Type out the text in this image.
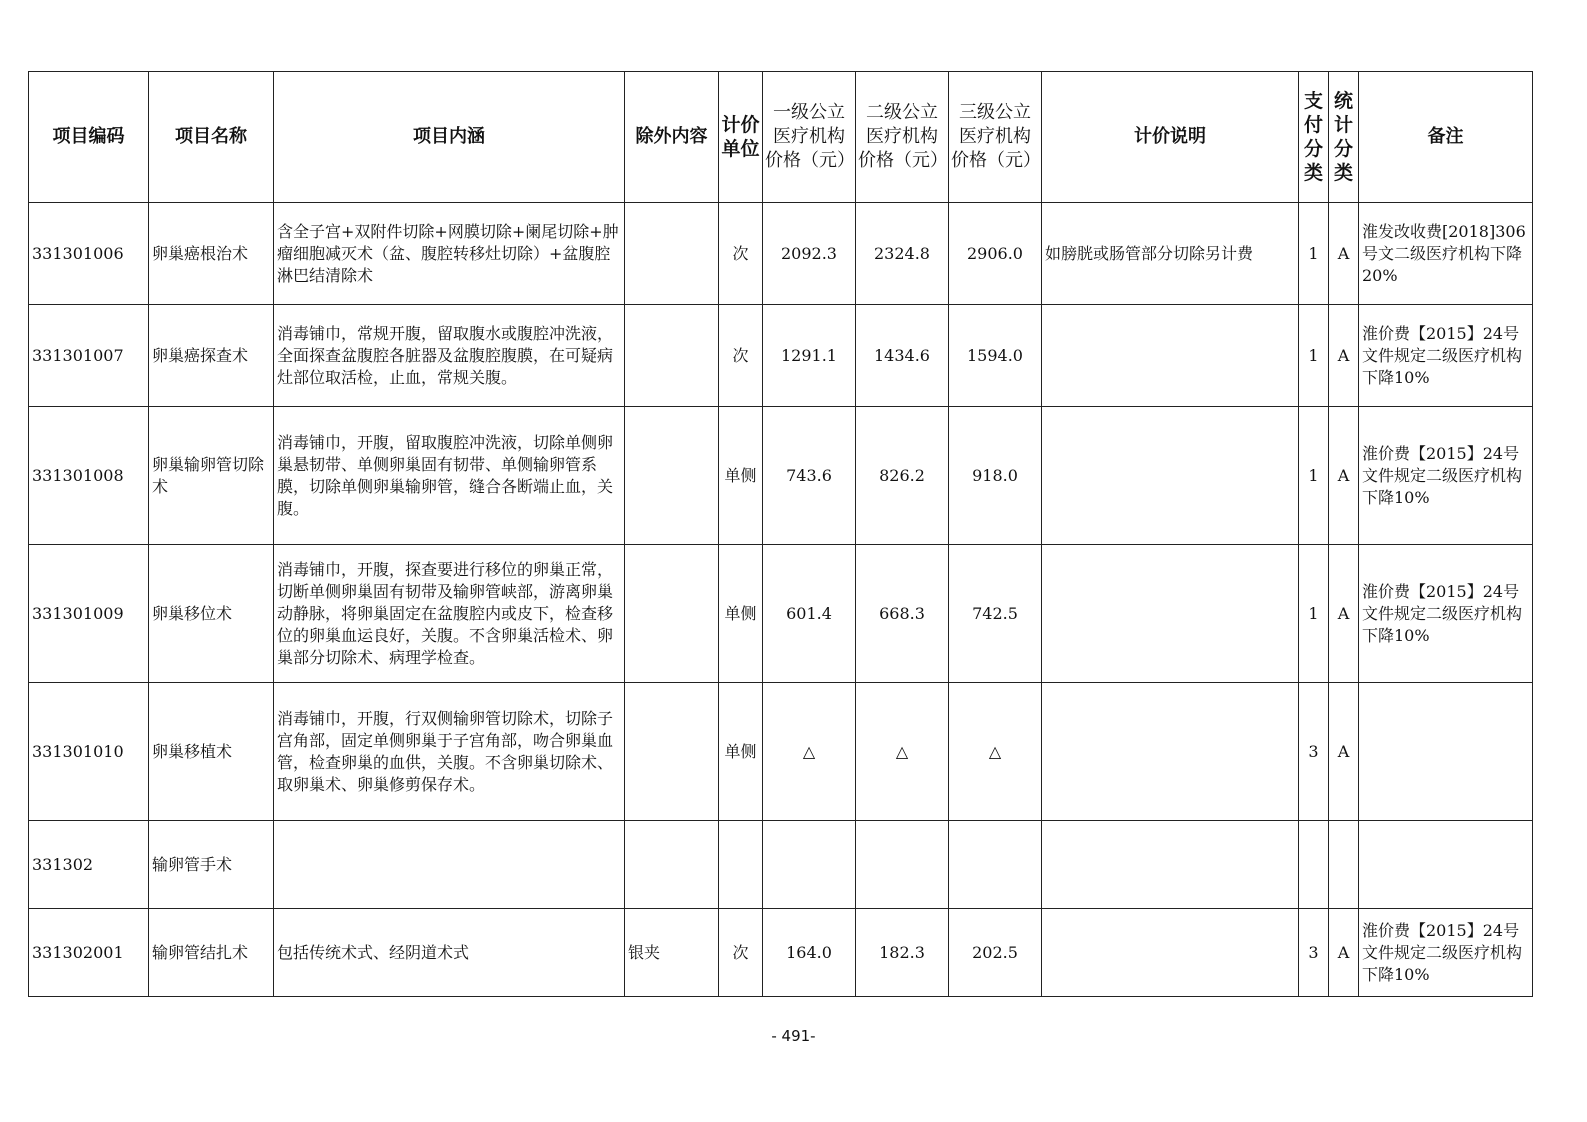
项目编码	项目名称	项目内涵	除外内容	计价单位	一级公立医疗机构价格（元）	二级公立医疗机构价格（元）	三级公立医疗机构价格（元）	计价说明	支付分类	统计分类	备注
331301006	卵巢癌根治术	含全子宫+双附件切除+网膜切除+阑尾切除+肿瘤细胞减灭术（盆、腹腔转移灶切除）+盆腹腔淋巴结清除术		次	2092.3	2324.8	2906.0	如膀胱或肠管部分切除另计费	1	A	淮发改收费[2018]306号文二级医疗机构下降20%
331301007	卵巢癌探查术	消毒铺巾，常规开腹，留取腹水或腹腔冲洗液，全面探查盆腹腔各脏器及盆腹腔腹膜，在可疑病灶部位取活检，止血，常规关腹。		次	1291.1	1434.6	1594.0		1	A	淮价费【2015】24号文件规定二级医疗机构下降10%
331301008	卵巢输卵管切除术	消毒铺巾，开腹，留取腹腔冲洗液，切除单侧卵巢悬韧带、单侧卵巢固有韧带、单侧输卵管系膜，切除单侧卵巢输卵管，缝合各断端止血，关腹。		单侧	743.6	826.2	918.0		1	A	淮价费【2015】24号文件规定二级医疗机构下降10%
331301009	卵巢移位术	消毒铺巾，开腹，探查要进行移位的卵巢正常，切断单侧卵巢固有韧带及输卵管峡部，游离卵巢动静脉，将卵巢固定在盆腹腔内或皮下，检查移位的卵巢血运良好，关腹。不含卵巢活检术、卵巢部分切除术、病理学检查。		单侧	601.4	668.3	742.5		1	A	淮价费【2015】24号文件规定二级医疗机构下降10%
331301010	卵巢移植术	消毒铺巾，开腹，行双侧输卵管切除术，切除子宫角部，固定单侧卵巢于子宫角部，吻合卵巢血管，检查卵巢的血供，关腹。不含卵巢切除术、取卵巢术、卵巢修剪保存术。		单侧	△	△	△		3	A	
331302	输卵管手术										
331302001	输卵管结扎术	包括传统术式、经阴道术式	银夹	次	164.0	182.3	202.5		3	A	淮价费【2015】24号文件规定二级医疗机构下降10%
- 491-
